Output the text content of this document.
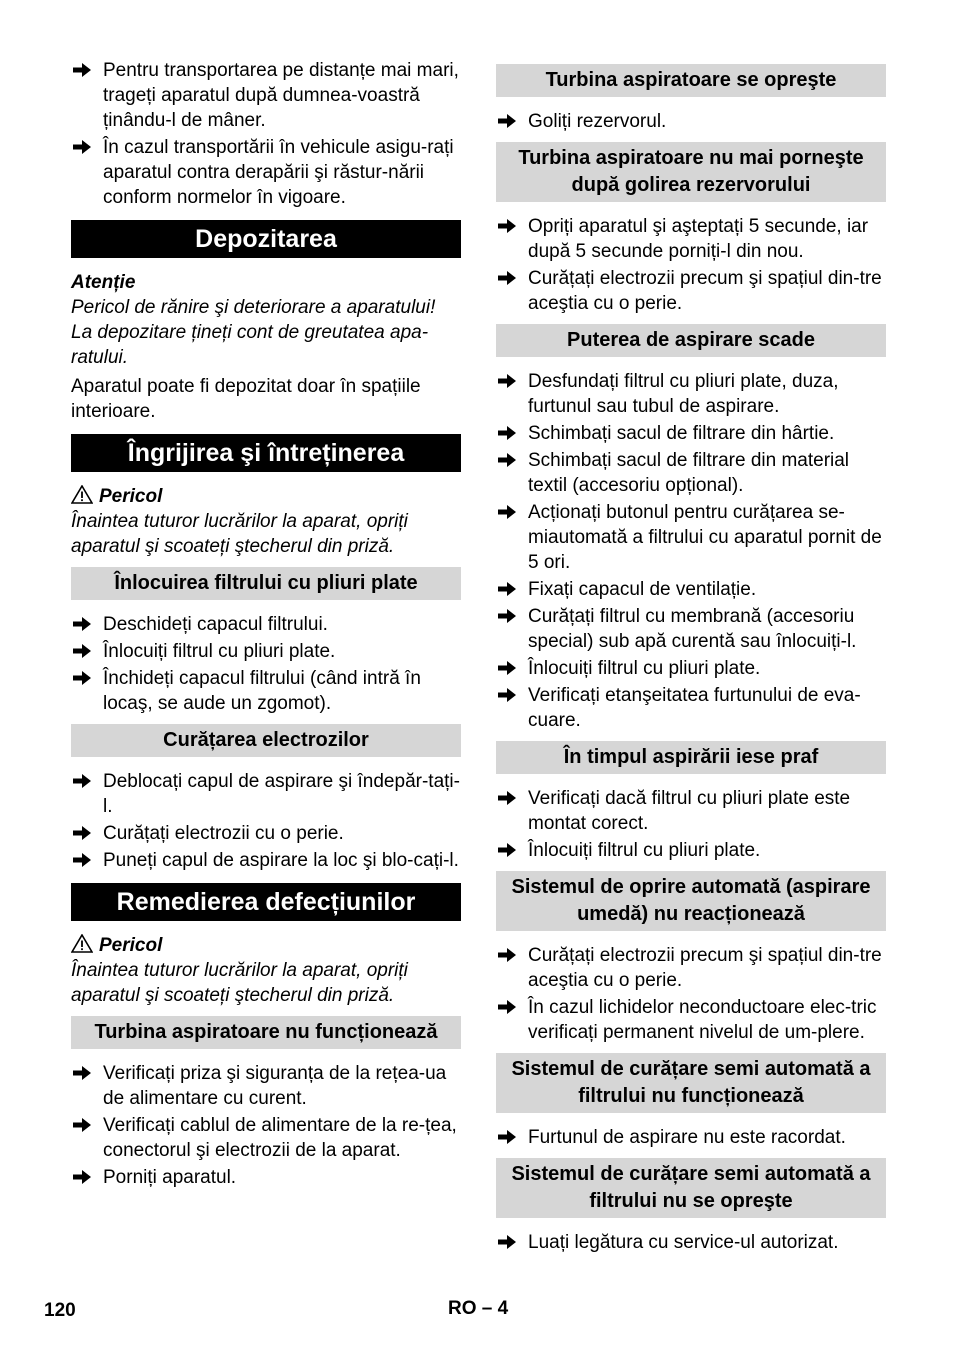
Pentru transportarea pe distanțe mai mari, trageți aparatul după dumnea-voastră ținându-l de mâner.
În cazul transportării în vehicule asigu-rați aparatul contra derapării şi răstur-nării conform normelor în vigoare.
Depozitarea
Atenție
Pericol de rănire şi deteriorare a aparatului! La depozitare țineți cont de greutatea apa-ratului.
Aparatul poate fi depozitat doar în spațiile interioare.
Îngrijirea şi întreținerea
Pericol
Înaintea tuturor lucrărilor la aparat, opriți aparatul şi scoateți ştecherul din priză.
Înlocuirea filtrului cu pliuri plate
Deschideți capacul filtrului.
Înlocuiți filtrul cu pliuri plate.
Închideți capacul filtrului (când intră în locaş, se aude un zgomot).
Curățarea electrozilor
Deblocați capul de aspirare şi îndepăr-tați-l.
Curățați electrozii cu o perie.
Puneți capul de aspirare la loc şi blo-cați-l.
Remedierea defecțiunilor
Pericol
Înaintea tuturor lucrărilor la aparat, opriți aparatul şi scoateți ştecherul din priză.
Turbina aspiratoare nu funcționează
Verificați priza şi siguranța de la rețea-ua de alimentare cu curent.
Verificați cablul de alimentare de la re-țea, conectorul şi electrozii de la aparat.
Porniți aparatul.
Turbina aspiratoare se opreşte
Goliți rezervorul.
Turbina aspiratoare nu mai porneşte după golirea rezervorului
Opriți aparatul şi aşteptați 5 secunde, iar după 5 secunde porniți-l din nou.
Curățați electrozii precum şi spațiul din-tre aceştia cu o perie.
Puterea de aspirare scade
Desfundați filtrul cu pliuri plate, duza, furtunul sau tubul de aspirare.
Schimbați sacul de filtrare din hârtie.
Schimbați sacul de filtrare din material textil (accesoriu opțional).
Acționați butonul pentru curățarea se-miautomată a filtrului cu aparatul pornit de 5 ori.
Fixați capacul de ventilație.
Curățați filtrul cu membrană (accesoriu special) sub apă curentă sau înlocuiți-l.
Înlocuiți filtrul cu pliuri plate.
Verificați etanşeitatea furtunului de eva-cuare.
În timpul aspirării iese praf
Verificați dacă filtrul cu pliuri plate este montat corect.
Înlocuiți filtrul cu pliuri plate.
Sistemul de oprire automată (aspirare umedă) nu reacționează
Curățați electrozii precum şi spațiul din-tre aceştia cu o perie.
În cazul lichidelor neconductoare elec-tric verificați permanent nivelul de um-plere.
Sistemul de curățare semi automată a filtrului nu funcționează
Furtunul de aspirare nu este racordat.
Sistemul de curățare semi automată a filtrului nu se opreşte
Luați legătura cu service-ul autorizat.
120	RO – 4
